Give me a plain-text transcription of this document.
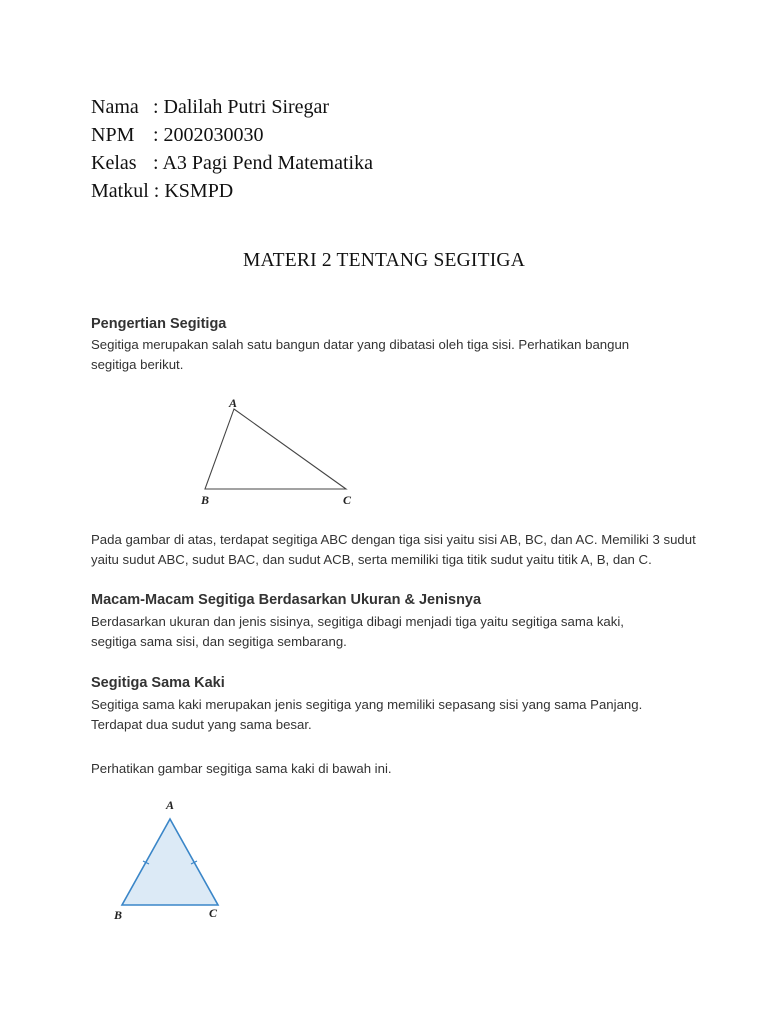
Nama : Dalilah Putri Siregar
NPM : 2002030030
Kelas : A3 Pagi Pend Matematika
Matkul : KSMPD
MATERI 2 TENTANG SEGITIGA
Pengertian Segitiga
Segitiga merupakan salah satu bangun datar yang dibatasi oleh tiga sisi. Perhatikan bangun
segitiga berikut.
A
B	C
Pada gambar di atas, terdapat segitiga ABC dengan tiga sisi yaitu sisi AB, BC, dan AC. Memiliki 3 sudut
yaitu sudut ABC, sudut BAC, dan sudut ACB, serta memiliki tiga titik sudut yaitu titik A, B, dan C.
Macam-Macam Segitiga Berdasarkan Ukuran & Jenisnya
Berdasarkan ukuran dan jenis sisinya, segitiga dibagi menjadi tiga yaitu segitiga sama kaki,
segitiga sama sisi, dan segitiga sembarang.
Segitiga Sama Kaki
Segitiga sama kaki merupakan jenis segitiga yang memiliki sepasang sisi yang sama Panjang.
Terdapat dua sudut yang sama besar.
Perhatikan gambar segitiga sama kaki di bawah ini.
A
B	C
